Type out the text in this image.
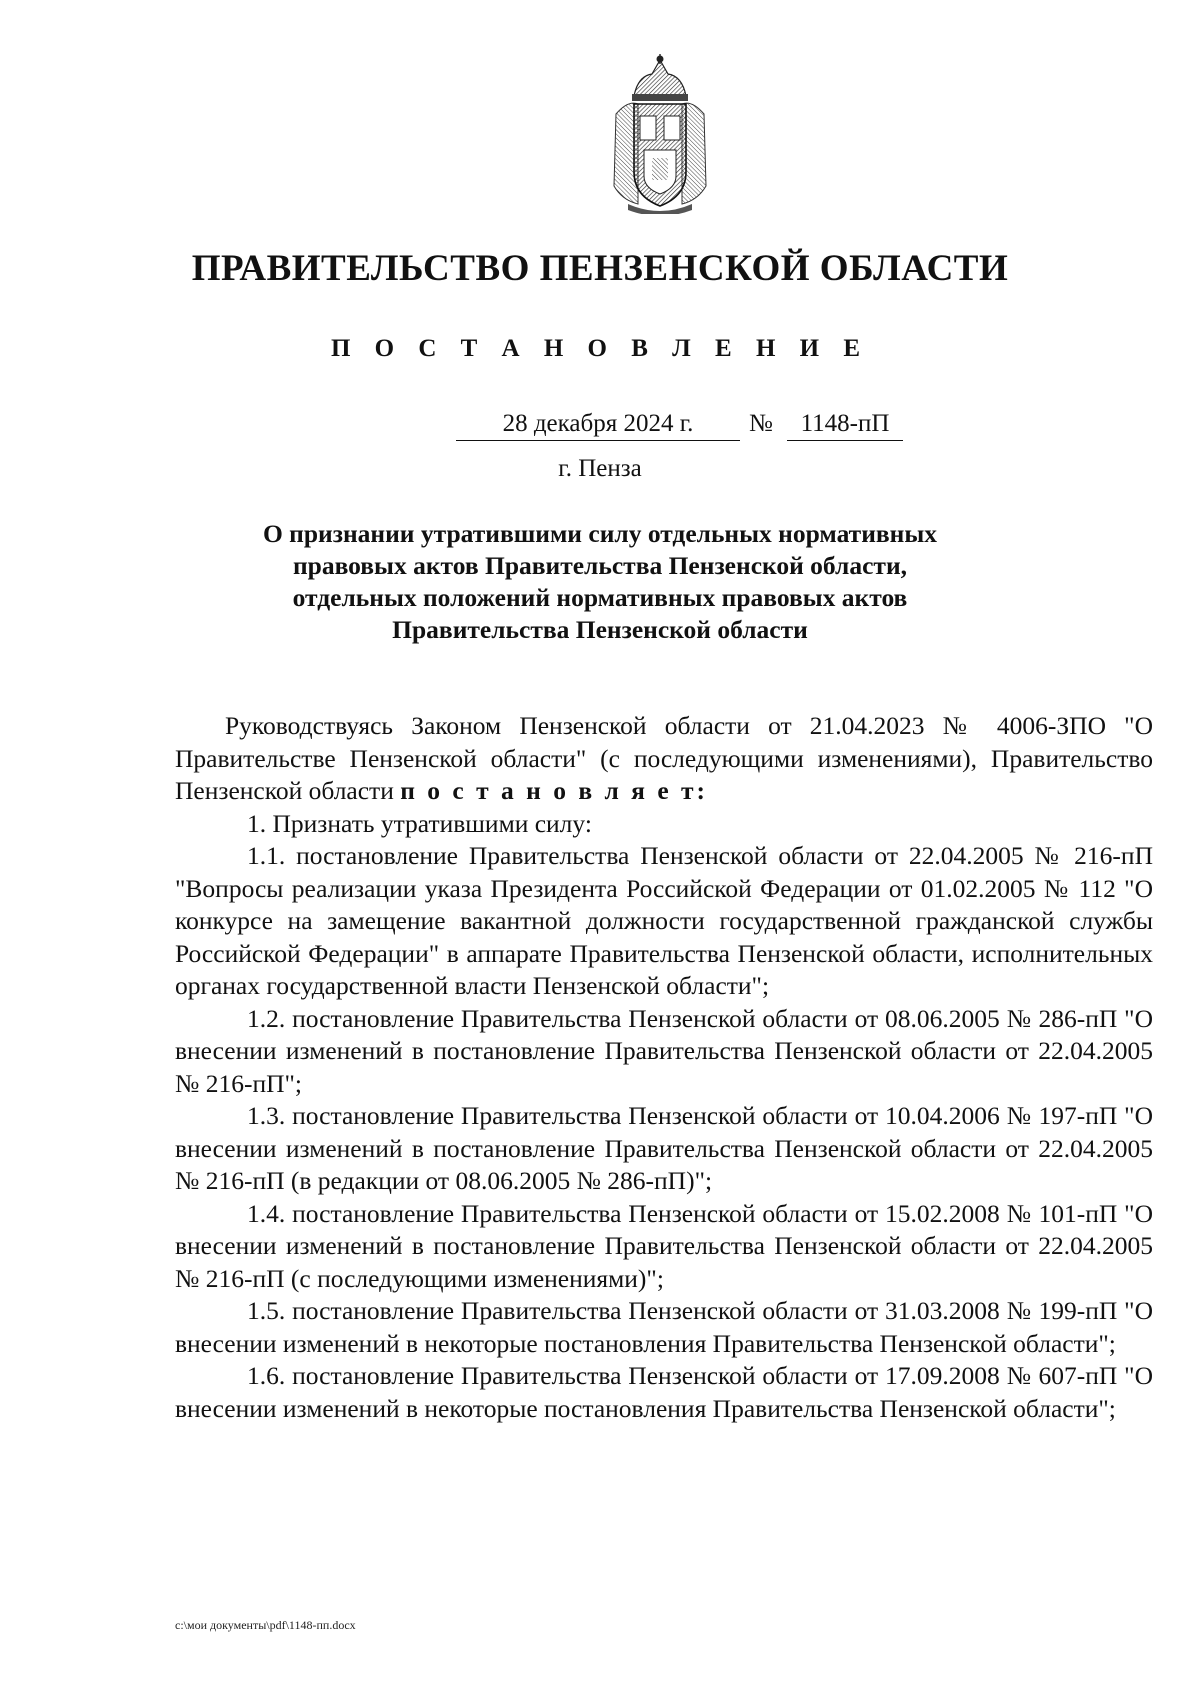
ПРАВИТЕЛЬСТВО ПЕНЗЕНСКОЙ ОБЛАСТИ
П О С Т А Н О В Л Е Н И Е
28 декабря 2024 г.	№	1148-пП
г. Пенза
О признании утратившими силу отдельных нормативных
правовых актов Правительства Пензенской области,
отдельных положений нормативных правовых актов
Правительства Пензенской области

Руководствуясь Законом Пензенской области от 21.04.2023 № 4006-ЗПО "О Правительстве Пензенской области" (с последующими изменениями), Правительство Пензенской области п о с т а н о в л я е т:

1. Признать утратившими силу:

1.1. постановление Правительства Пензенской области от 22.04.2005 № 216-пП "Вопросы реализации указа Президента Российской Федерации от 01.02.2005 № 112 "О конкурсе на замещение вакантной должности государственной гражданской службы Российской Федерации" в аппарате Правительства Пензенской области, исполнительных органах государственной власти Пензенской области";

1.2. постановление Правительства Пензенской области от 08.06.2005 № 286-пП "О внесении изменений в постановление Правительства Пензенской области от 22.04.2005 № 216-пП";

1.3. постановление Правительства Пензенской области от 10.04.2006 № 197-пП "О внесении изменений в постановление Правительства Пензенской области от 22.04.2005 № 216-пП (в редакции от 08.06.2005 № 286-пП)";

1.4. постановление Правительства Пензенской области от 15.02.2008 № 101-пП "О внесении изменений в постановление Правительства Пензенской области от 22.04.2005 № 216-пП (с последующими изменениями)";

1.5. постановление Правительства Пензенской области от 31.03.2008 № 199-пП "О внесении изменений в некоторые постановления Правительства Пензенской области";

1.6. постановление Правительства Пензенской области от 17.09.2008 № 607-пП "О внесении изменений в некоторые постановления Правительства Пензенской области";

c:\мои документы\pdf\1148-пп.docx
